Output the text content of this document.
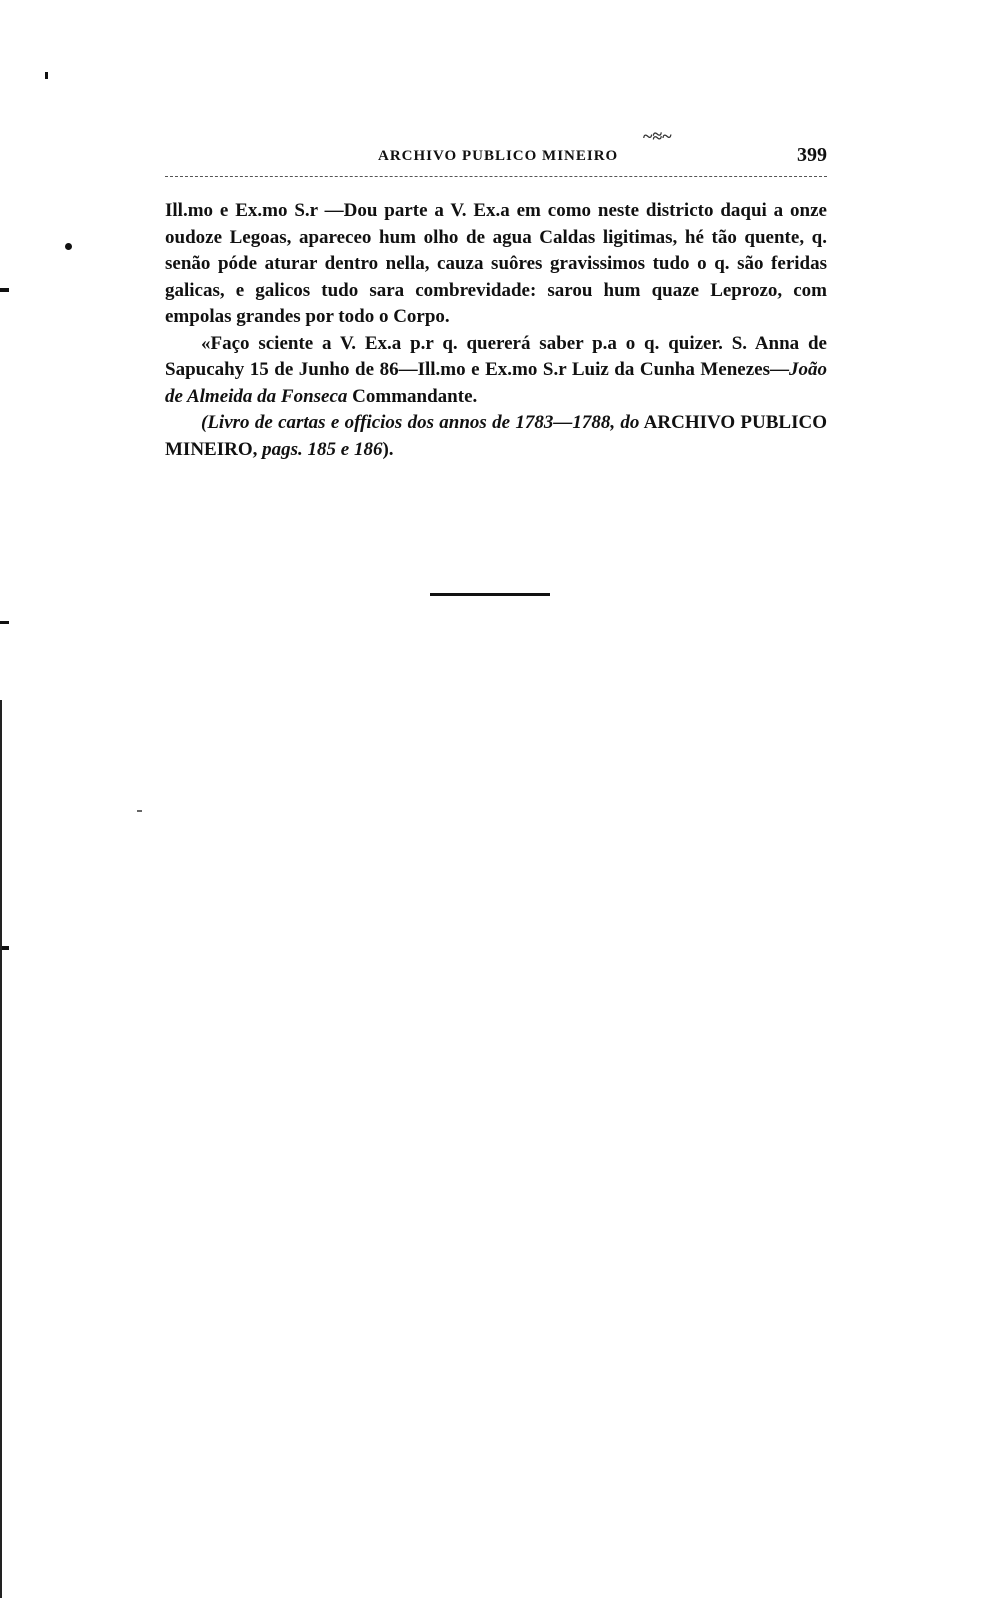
~≈~
ARCHIVO PUBLICO MINEIRO	399

Ill.mo e Ex.mo S.r —Dou parte a V. Ex.a em como neste districto daqui a onze oudoze Legoas, apareceo hum olho de agua Caldas ligitimas, hé tão quente, q. senão póde aturar dentro nella, cauza suôres gravissimos tudo o q. são feridas galicas, e galicos tudo sara combrevidade: sarou hum quaze Leprozo, com empolas grandes por todo o Corpo.

«Faço sciente a V. Ex.a p.r q. quererá saber p.a o q. quizer. S. Anna de Sapucahy 15 de Junho de 86—Ill.mo e Ex.mo S.r Luiz da Cunha Menezes—João de Almeida da Fonseca Commandante.

(Livro de cartas e officios dos annos de 1783—1788, do ARCHIVO PUBLICO MINEIRO, pags. 185 e 186).
